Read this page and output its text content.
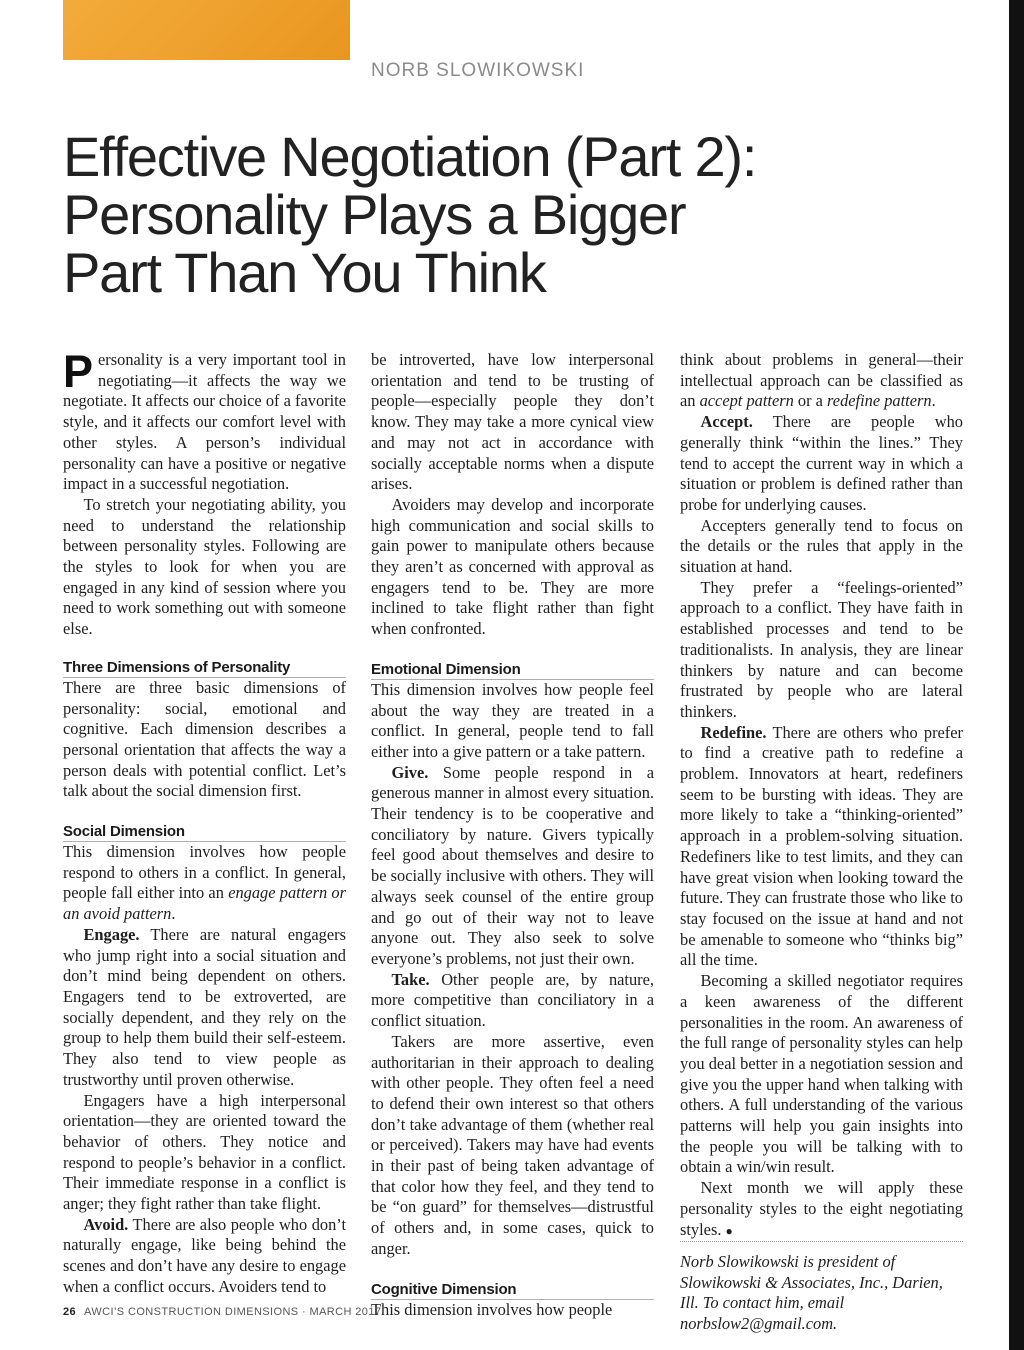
NORB SLOWIKOWSKI
Effective Negotiation (Part 2):
Personality Plays a Bigger
Part Than You Think

Personality is a very important tool in negotiating—it affects the way we negotiate. It affects our choice of a favorite style, and it affects our comfort level with other styles. A person’s individual personality can have a positive or negative impact in a successful negotiation.

To stretch your negotiating ability, you need to understand the relationship between personality styles. Following are the styles to look for when you are engaged in any kind of session where you need to work something out with someone else.

Three Dimensions of Personality

There are three basic dimensions of personality: social, emotional and cognitive. Each dimension describes a personal orientation that affects the way a person deals with potential conflict. Let’s talk about the social dimension first.

Social Dimension

This dimension involves how people respond to others in a conflict. In general, people fall either into an engage pattern or an avoid pattern.

Engage. There are natural engagers who jump right into a social situation and don’t mind being dependent on others. Engagers tend to be extroverted, are socially dependent, and they rely on the group to help them build their self-esteem. They also tend to view people as trustworthy until proven otherwise.

Engagers have a high interpersonal orientation—they are oriented toward the behavior of others. They notice and respond to people’s behavior in a conflict. Their immediate response in a conflict is anger; they fight rather than take flight.

Avoid. There are also people who don’t naturally engage, like being behind the scenes and don’t have any desire to engage when a conflict occurs. Avoiders tend to

be introverted, have low interpersonal orientation and tend to be trusting of people—especially people they don’t know. They may take a more cynical view and may not act in accordance with socially acceptable norms when a dispute arises.

Avoiders may develop and incorporate high communication and social skills to gain power to manipulate others because they aren’t as concerned with approval as engagers tend to be. They are more inclined to take flight rather than fight when confronted.

Emotional Dimension

This dimension involves how people feel about the way they are treated in a conflict. In general, people tend to fall either into a give pattern or a take pattern.

Give. Some people respond in a generous manner in almost every situation. Their tendency is to be cooperative and conciliatory by nature. Givers typically feel good about themselves and desire to be socially inclusive with others. They will always seek counsel of the entire group and go out of their way not to leave anyone out. They also seek to solve everyone’s problems, not just their own.

Take. Other people are, by nature, more competitive than conciliatory in a conflict situation.

Takers are more assertive, even authoritarian in their approach to dealing with other people. They often feel a need to defend their own interest so that others don’t take advantage of them (whether real or perceived). Takers may have had events in their past of being taken advantage of that color how they feel, and they tend to be “on guard” for themselves—distrustful of others and, in some cases, quick to anger.

Cognitive Dimension

This dimension involves how people

think about problems in general—their intellectual approach can be classified as an accept pattern or a redefine pattern.

Accept. There are people who generally think “within the lines.” They tend to accept the current way in which a situation or problem is defined rather than probe for underlying causes.

Accepters generally tend to focus on the details or the rules that apply in the situation at hand.

They prefer a “feelings-oriented” approach to a conflict. They have faith in established processes and tend to be traditionalists. In analysis, they are linear thinkers by nature and can become frustrated by people who are lateral thinkers.

Redefine. There are others who prefer to find a creative path to redefine a problem. Innovators at heart, redefiners seem to be bursting with ideas. They are more likely to take a “thinking-oriented” approach in a problem-solving situation. Redefiners like to test limits, and they can have great vision when looking toward the future. They can frustrate those who like to stay focused on the issue at hand and not be amenable to someone who “thinks big” all the time.

Becoming a skilled negotiator requires a keen awareness of the different personalities in the room. An awareness of the full range of personality styles can help you deal better in a negotiation session and give you the upper hand when talking with others. A full understanding of the various patterns will help you gain insights into the people you will be talking with to obtain a win/win result.

Next month we will apply these personality styles to the eight negotiating styles. ●

Norb Slowikowski is president of Slowikowski & Associates, Inc., Darien, Ill. To contact him, email norbslow2@gmail.com.

26 AWCI’S CONSTRUCTION DIMENSIONS · MARCH 2017
